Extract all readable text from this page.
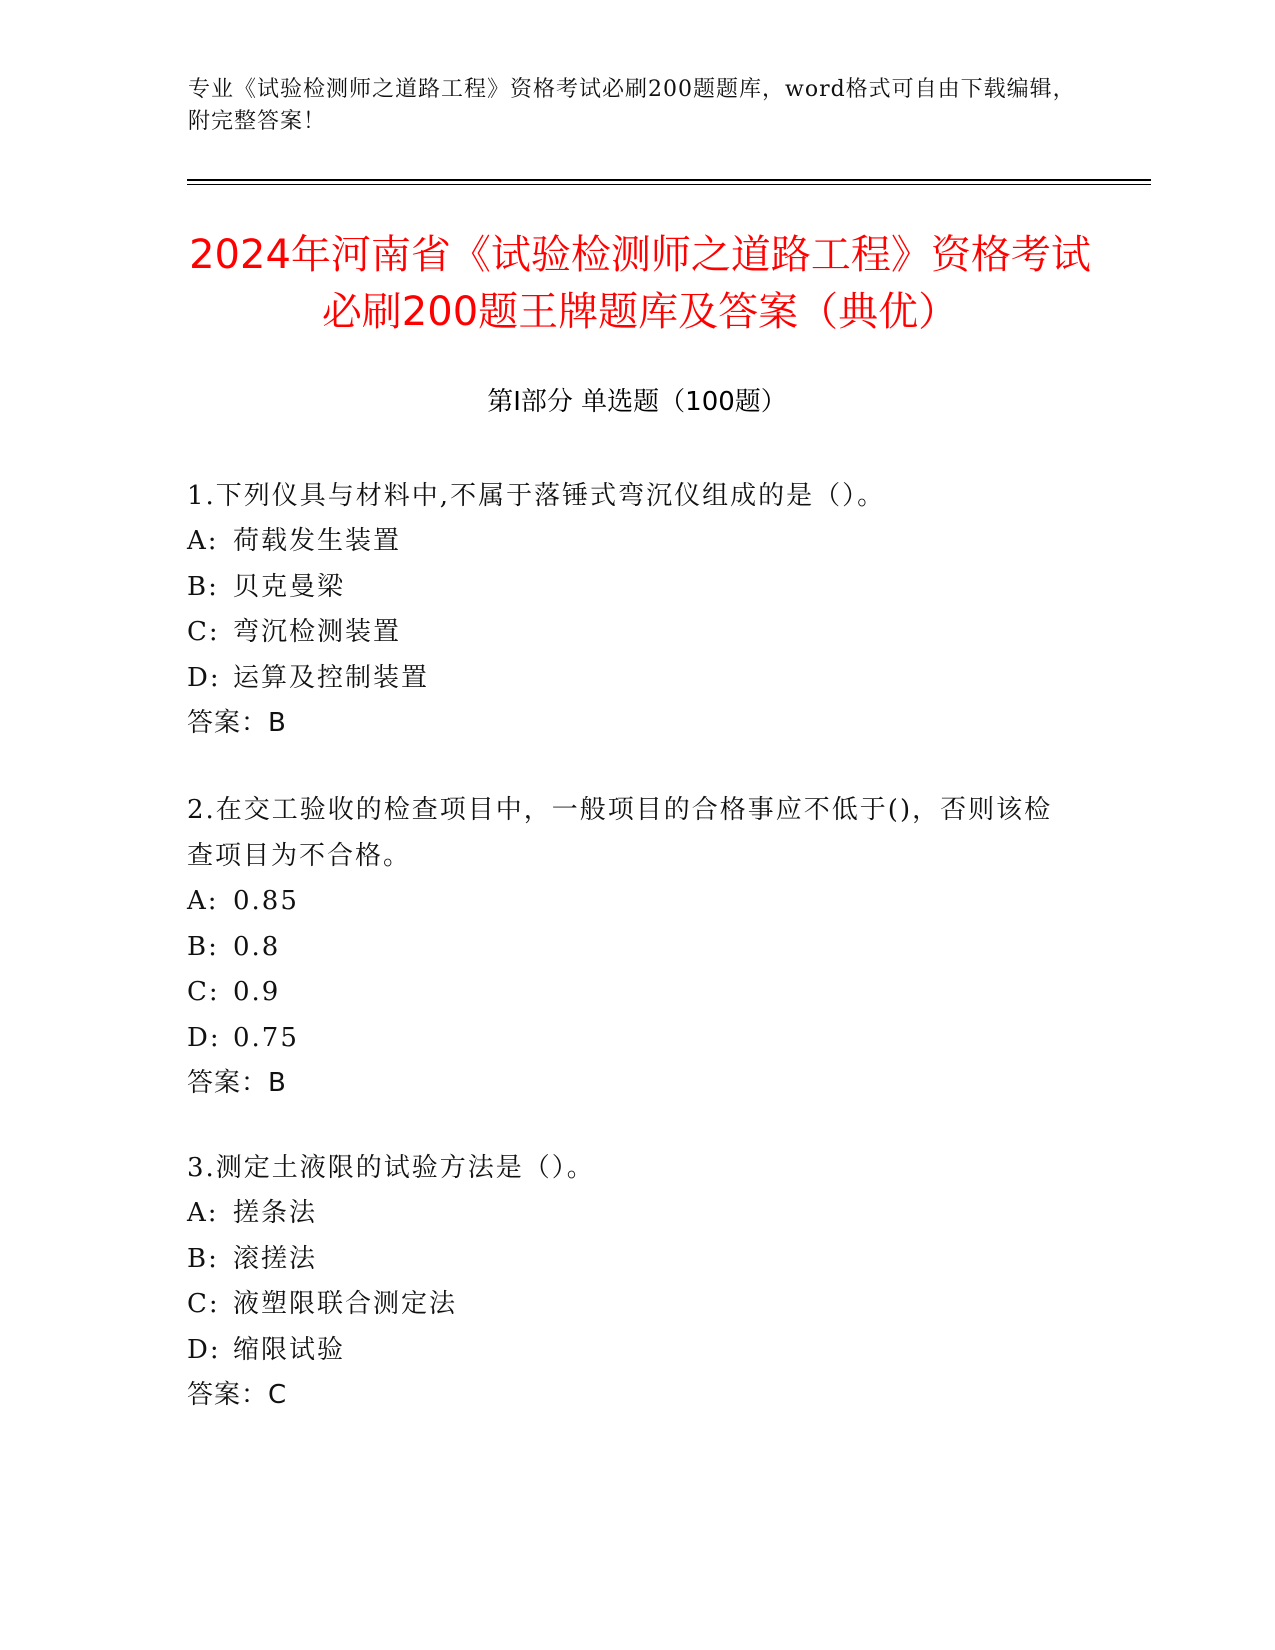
专业《试验检测师之道路工程》资格考试必刷200题题库，word格式可自由下载编辑，附完整答案！
2024年河南省《试验检测师之道路工程》资格考试必刷200题王牌题库及答案（典优）
第I部分 单选题（100题）
1.下列仪具与材料中,不属于落锤式弯沉仪组成的是（）。
A: 荷载发生装置
B: 贝克曼梁
C: 弯沉检测装置
D: 运算及控制装置
答案：B
2.在交工验收的检查项目中，一般项目的合格事应不低于()，否则该检查项目为不合格。
A: 0.85
B: 0.8
C: 0.9
D: 0.75
答案：B
3.测定土液限的试验方法是（）。
A: 搓条法
B: 滚搓法
C: 液塑限联合测定法
D: 缩限试验
答案：C
